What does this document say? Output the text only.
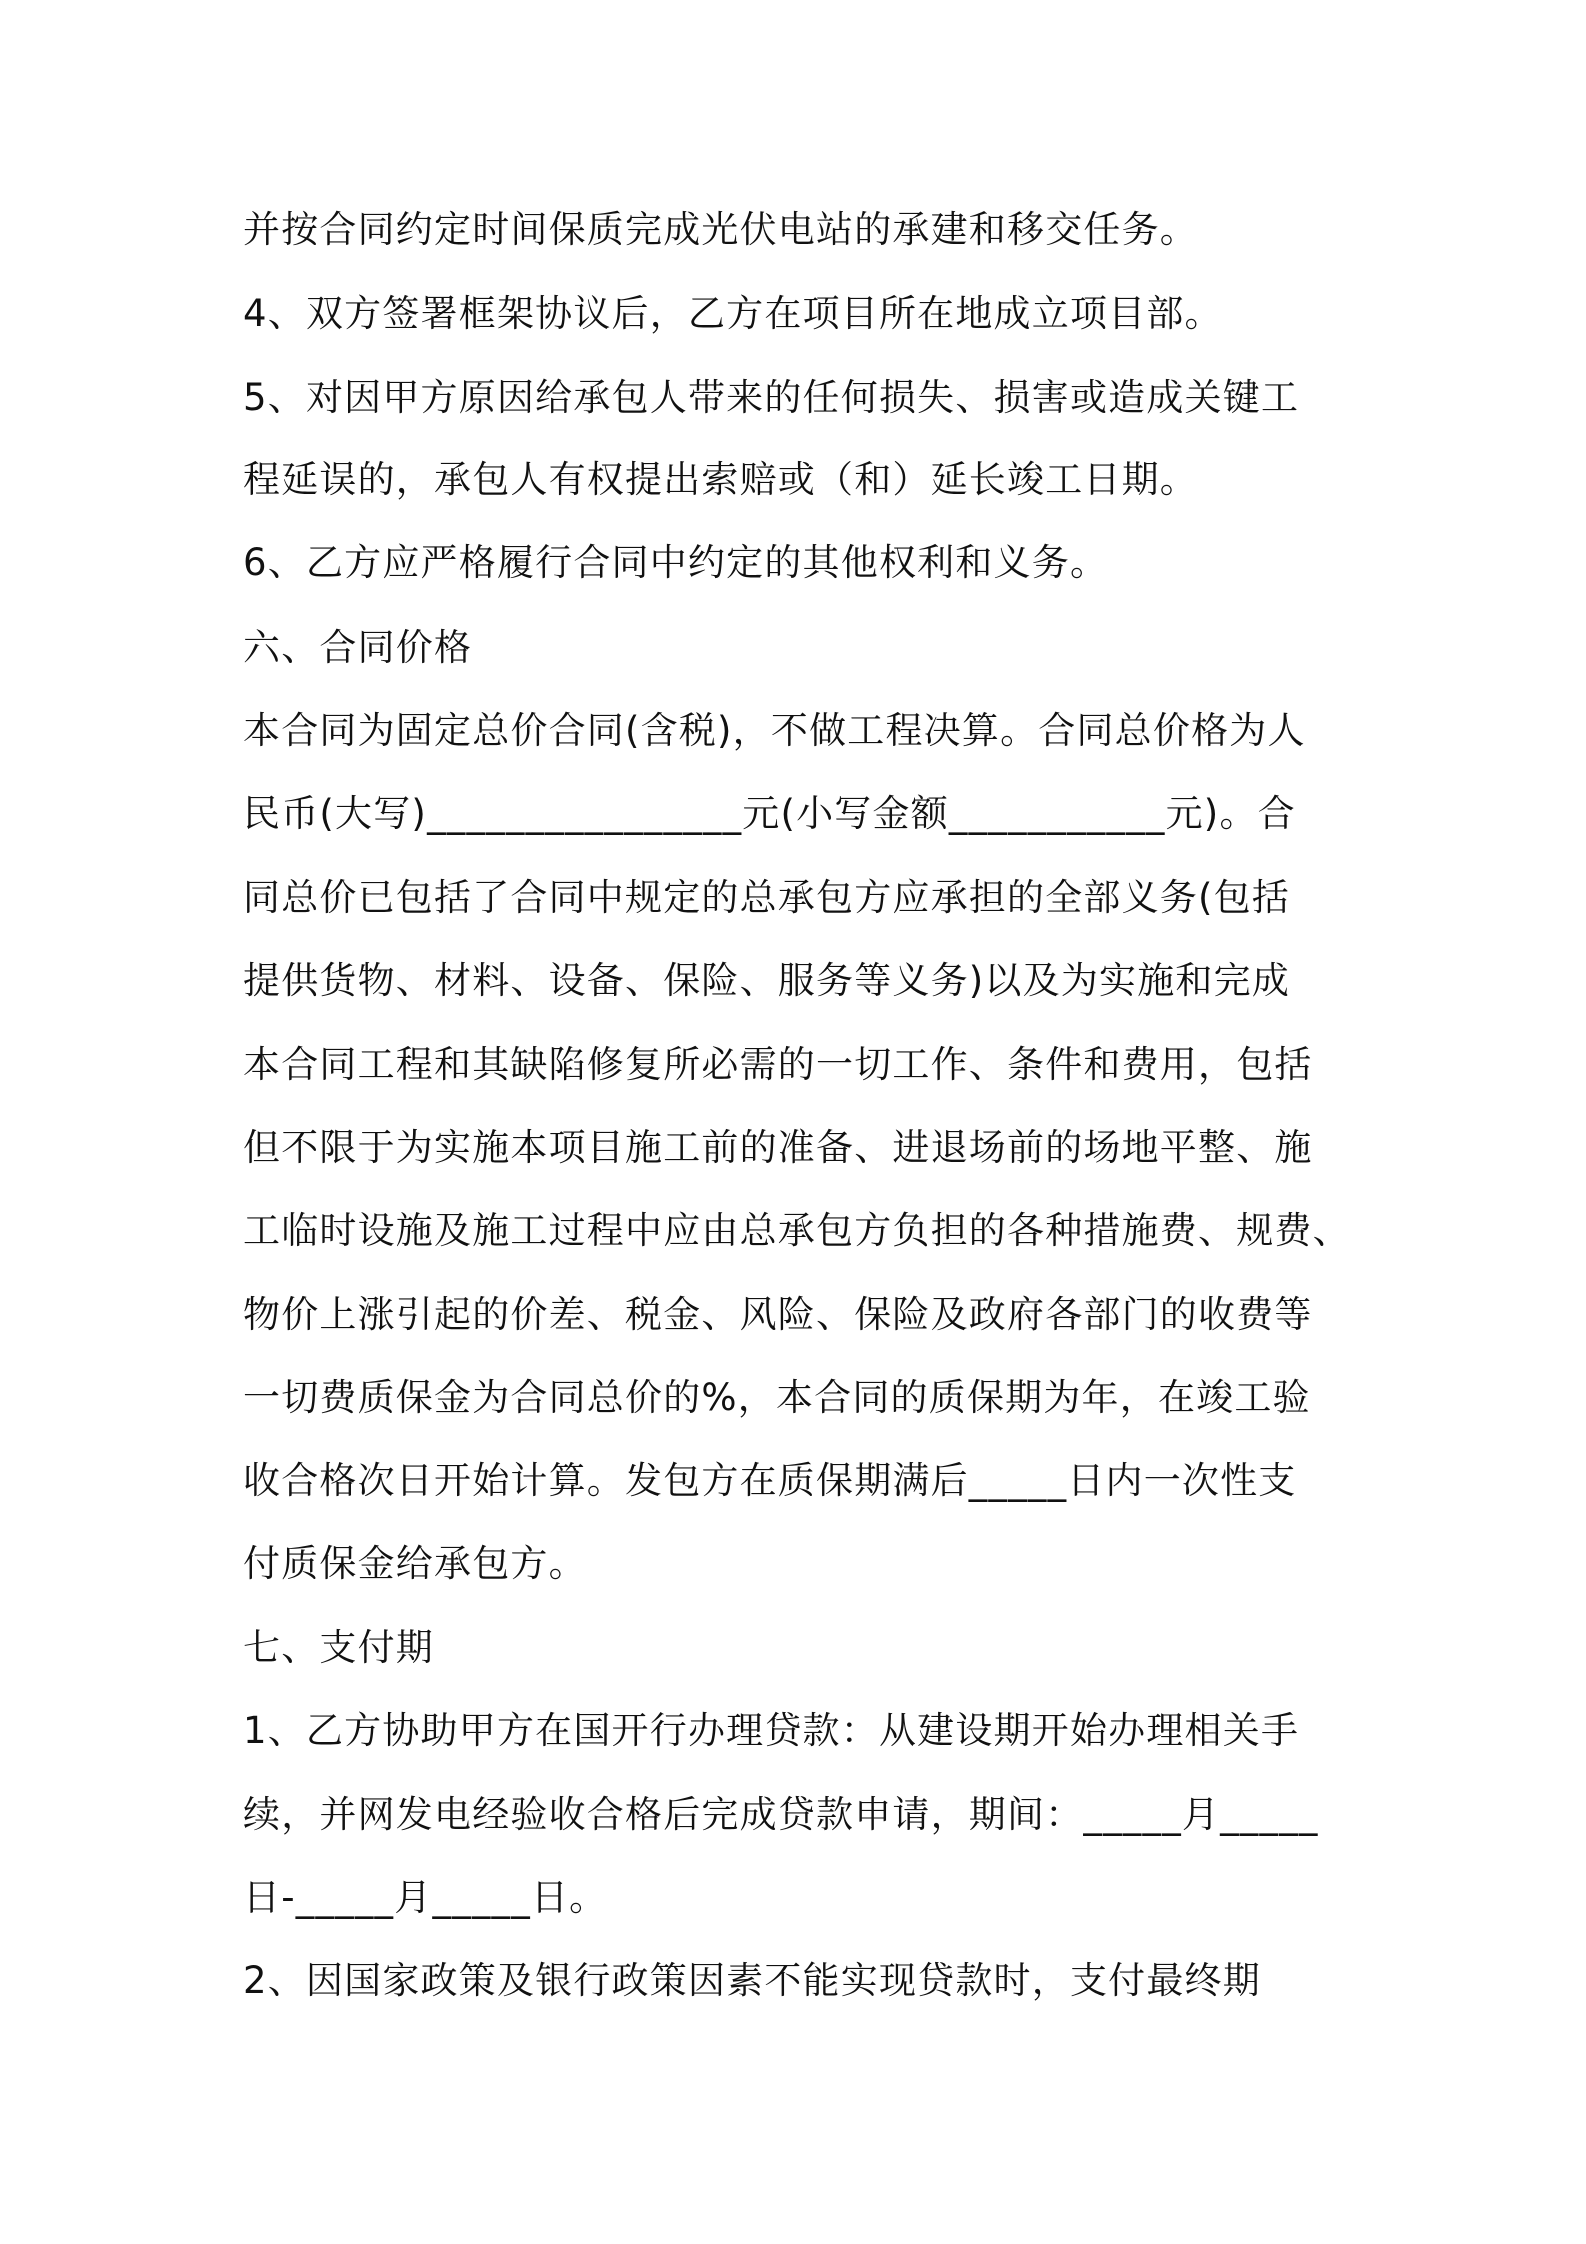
并按合同约定时间保质完成光伏电站的承建和移交任务。
4、双方签署框架协议后，乙方在项目所在地成立项目部。
5、对因甲方原因给承包人带来的任何损失、损害或造成关键工
程延误的，承包人有权提出索赔或（和）延长竣工日期。
6、乙方应严格履行合同中约定的其他权利和义务。
六、合同价格
本合同为固定总价合同(含税)，不做工程决算。合同总价格为人
民币(大写)________________元(小写金额___________元)。合
同总价已包括了合同中规定的总承包方应承担的全部义务(包括
提供货物、材料、设备、保险、服务等义务)以及为实施和完成
本合同工程和其缺陷修复所必需的一切工作、条件和费用，包括
但不限于为实施本项目施工前的准备、进退场前的场地平整、施
工临时设施及施工过程中应由总承包方负担的各种措施费、规费、
物价上涨引起的价差、税金、风险、保险及政府各部门的收费等
一切费质保金为合同总价的%，本合同的质保期为年，在竣工验
收合格次日开始计算。发包方在质保期满后_____日内一次性支
付质保金给承包方。
七、支付期
1、乙方协助甲方在国开行办理贷款：从建设期开始办理相关手
续，并网发电经验收合格后完成贷款申请，期间：_____月_____
日-_____月_____日。
2、因国家政策及银行政策因素不能实现贷款时，支付最终期
